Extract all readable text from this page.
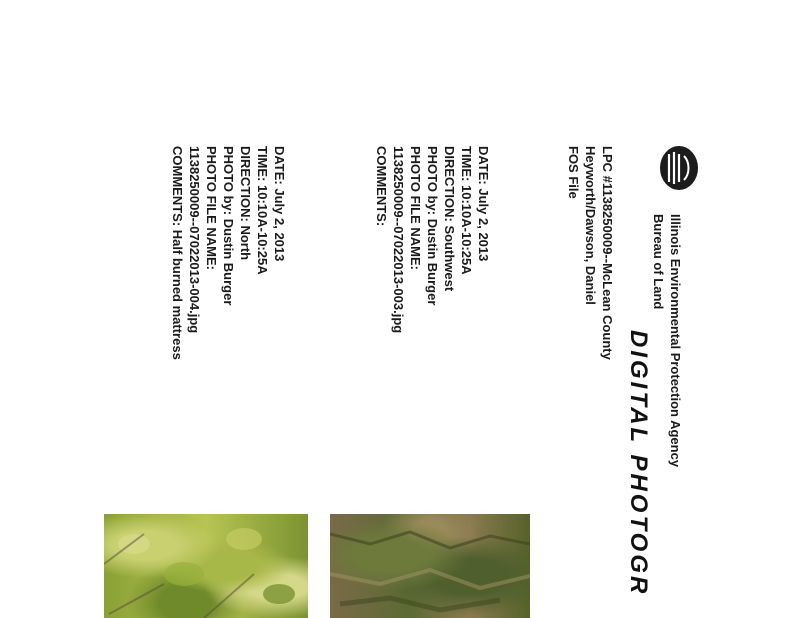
Illinois Environmental Protection Agency
Bureau of Land
DIGITAL PHOTOGR
LPC #1138250009--McLean County
Heyworth/Dawson, Daniel
FOS File
DATE: July 2, 2013
TIME: 10:10A-10:25A
DIRECTION: Southwest
PHOTO by: Dustin Burger
PHOTO FILE NAME:
1138250009--07022013-003.jpg
COMMENTS:
DATE: July 2, 2013
TIME: 10:10A-10:25A
DIRECTION: North
PHOTO by: Dustin Burger
PHOTO FILE NAME:
1138250009--07022013-004.jpg
COMMENTS: Half burned mattress
